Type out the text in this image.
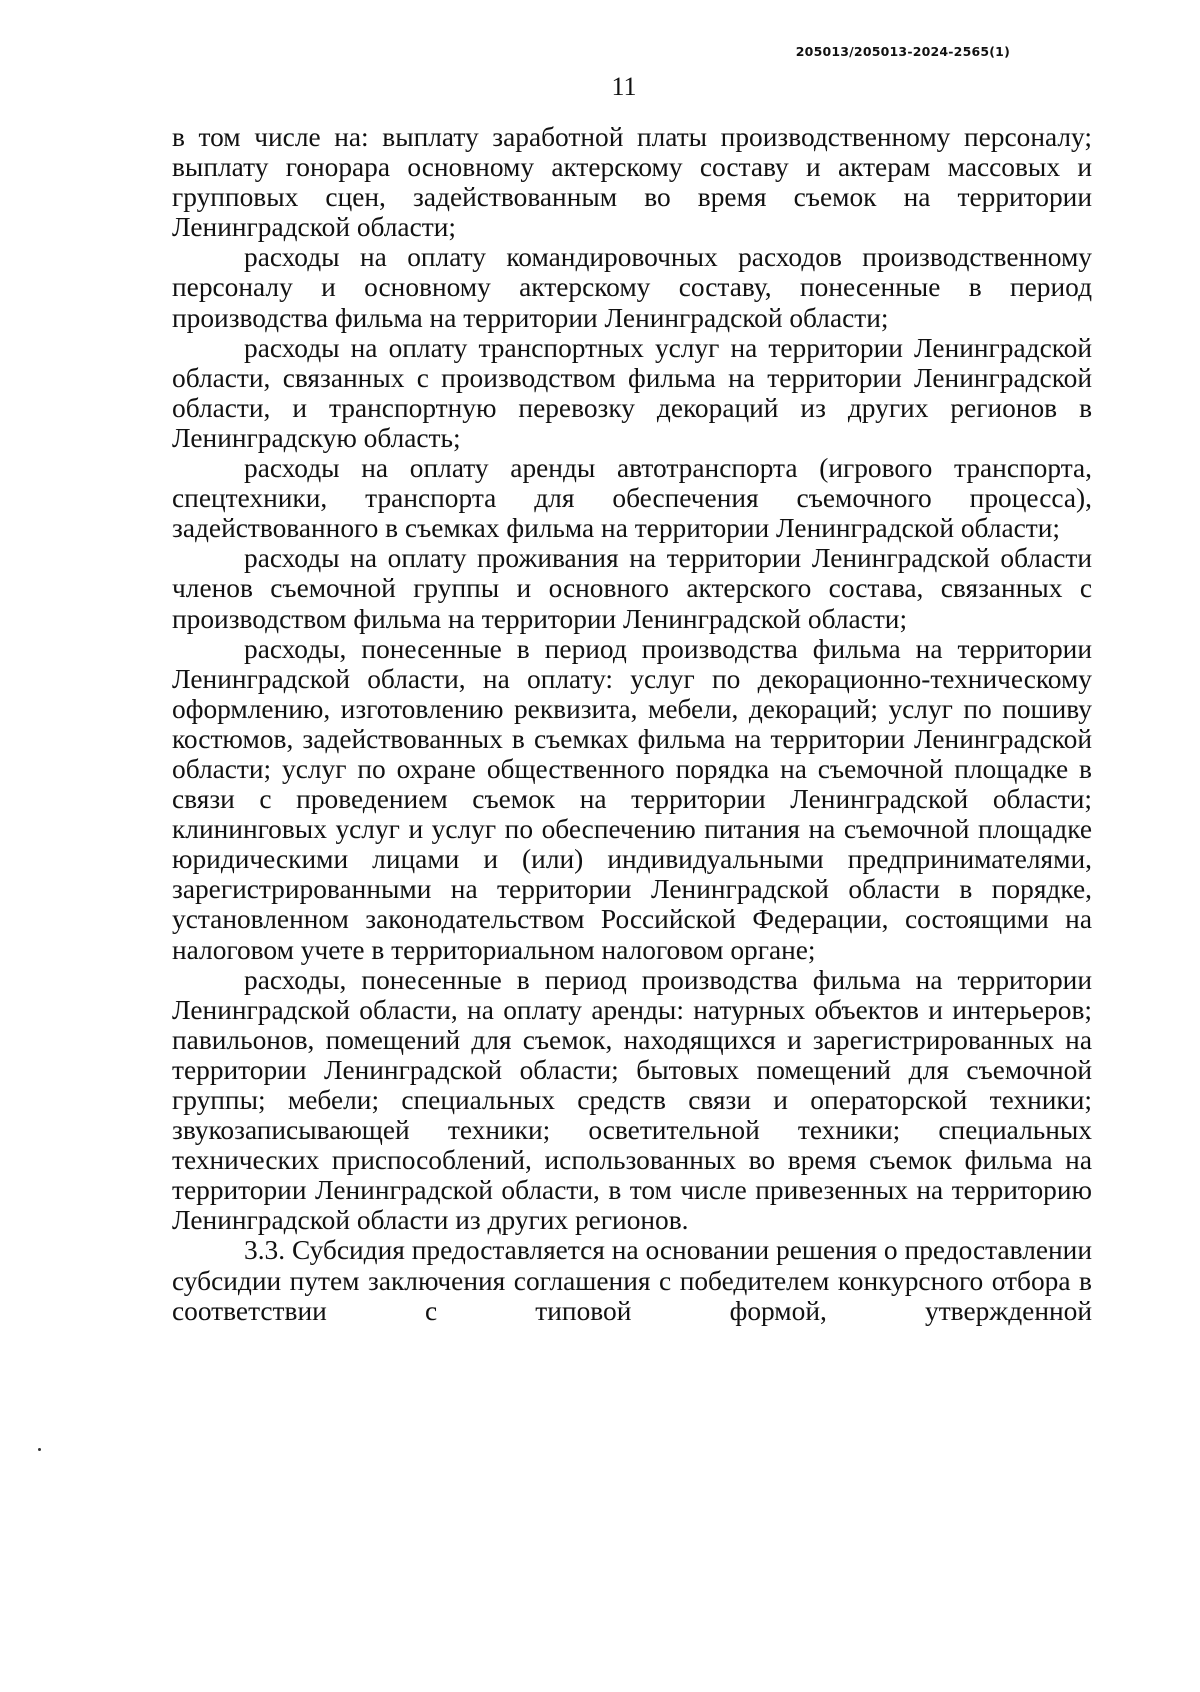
205013/205013-2024-2565(1)
11

в том числе на: выплату заработной платы производственному персоналу; выплату гонорара основному актерскому составу и актерам массовых и групповых сцен, задействованным во время съемок на территории Ленинградской области;

расходы на оплату командировочных расходов производственному персоналу и основному актерскому составу, понесенные в период производства фильма на территории Ленинградской области;

расходы на оплату транспортных услуг на территории Ленинградской области, связанных с производством фильма на территории Ленинградской области, и транспортную перевозку декораций из других регионов в Ленинградскую область;

расходы на оплату аренды автотранспорта (игрового транспорта, спецтехники, транспорта для обеспечения съемочного процесса), задействованного в съемках фильма на территории Ленинградской области;

расходы на оплату проживания на территории Ленинградской области членов съемочной группы и основного актерского состава, связанных с производством фильма на территории Ленинградской области;

расходы, понесенные в период производства фильма на территории Ленинградской области, на оплату: услуг по декорационно-техническому оформлению, изготовлению реквизита, мебели, декораций; услуг по пошиву костюмов, задействованных в съемках фильма на территории Ленинградской области; услуг по охране общественного порядка на съемочной площадке в связи с проведением съемок на территории Ленинградской области; клининговых услуг и услуг по обеспечению питания на съемочной площадке юридическими лицами и (или) индивидуальными предпринимателями, зарегистрированными на территории Ленинградской области в порядке, установленном законодательством Российской Федерации, состоящими на налоговом учете в территориальном налоговом органе;

расходы, понесенные в период производства фильма на территории Ленинградской области, на оплату аренды: натурных объектов и интерьеров; павильонов, помещений для съемок, находящихся и зарегистрированных на территории Ленинградской области; бытовых помещений для съемочной группы; мебели; специальных средств связи и операторской техники; звукозаписывающей техники; осветительной техники; специальных технических приспособлений, использованных во время съемок фильма на территории Ленинградской области, в том числе привезенных на территорию Ленинградской области из других регионов.

3.3. Субсидия предоставляется на основании решения о предоставлении субсидии путем заключения соглашения с победителем конкурсного отбора в соответствии с типовой формой, утвержденной
